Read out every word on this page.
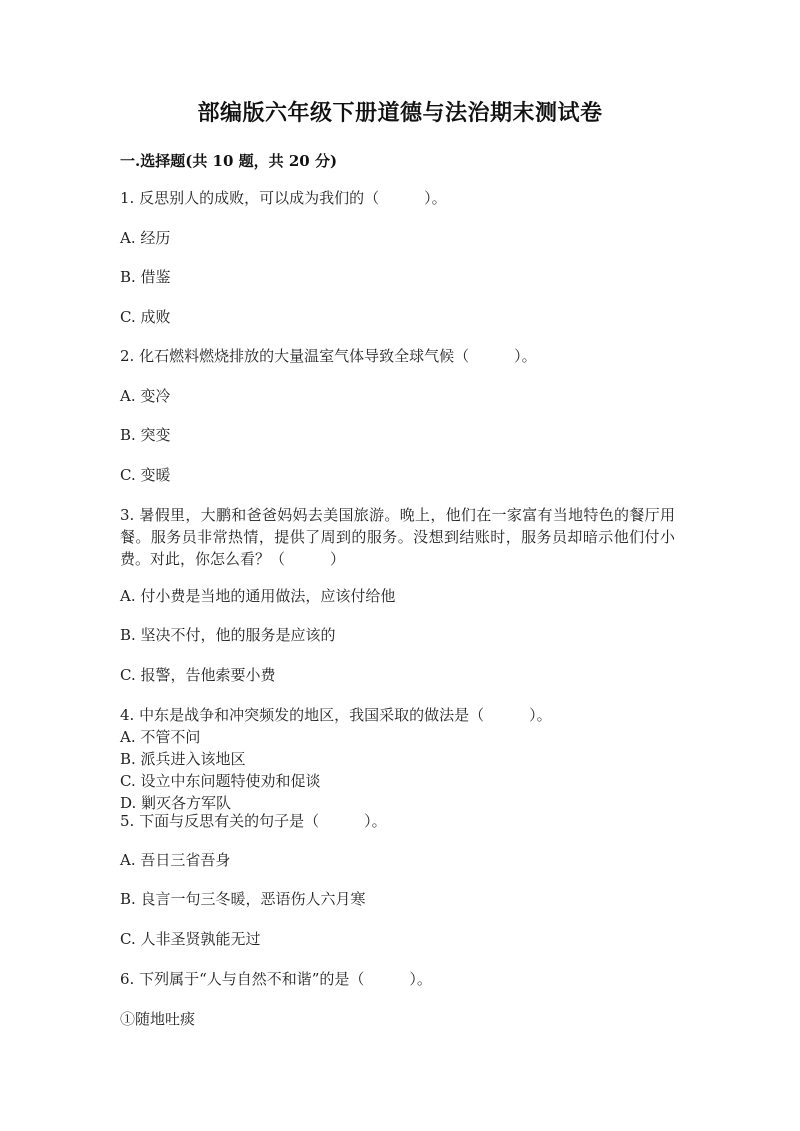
部编版六年级下册道德与法治期末测试卷
一.选择题(共 10 题，共 20 分)
1. 反思别人的成败，可以成为我们的（　　　）。
A. 经历
B. 借鉴
C. 成败
2. 化石燃料燃烧排放的大量温室气体导致全球气候（　　　）。
A. 变冷
B. 突变
C. 变暖
3. 暑假里，大鹏和爸爸妈妈去美国旅游。晚上，他们在一家富有当地特色的餐厅用餐。服务员非常热情，提供了周到的服务。没想到结账时，服务员却暗示他们付小费。对此，你怎么看？（　　　）
A. 付小费是当地的通用做法，应该付给他
B. 坚决不付，他的服务是应该的
C. 报警，告他索要小费
4. 中东是战争和冲突频发的地区，我国采取的做法是（　　　）。
A. 不管不问
B. 派兵进入该地区
C. 设立中东问题特使劝和促谈
D. 剿灭各方军队
5. 下面与反思有关的句子是（　　　）。
A. 吾日三省吾身
B. 良言一句三冬暖，恶语伤人六月寒
C. 人非圣贤孰能无过
6. 下列属于“人与自然不和谐”的是（　　　）。
①随地吐痰
